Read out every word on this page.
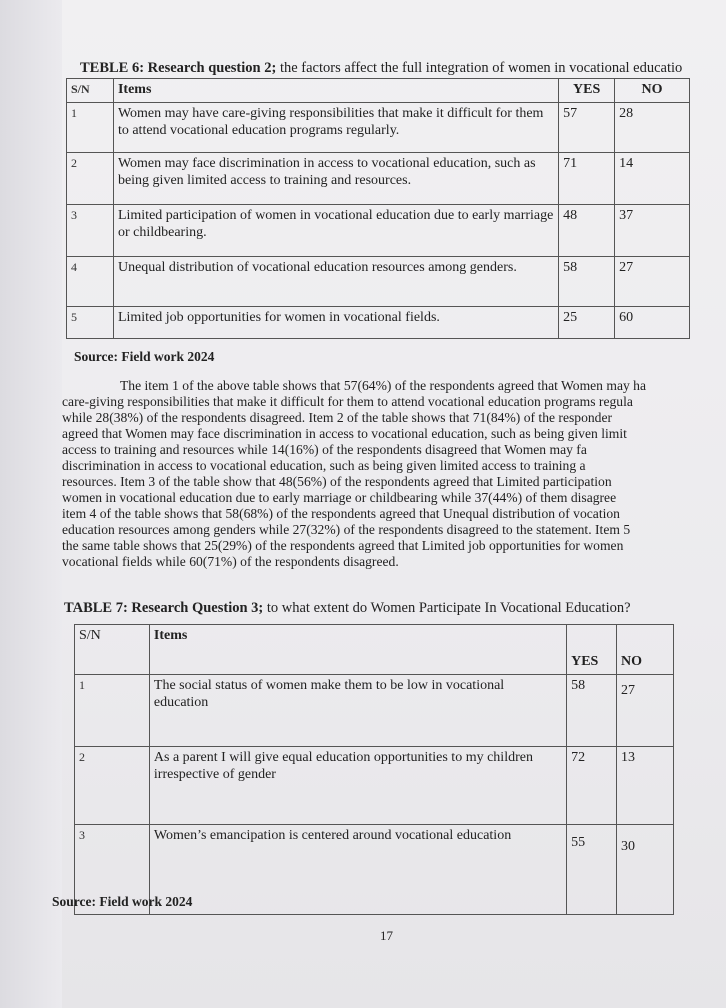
TEBLE 6: Research question 2; the factors affect the full integration of women in vocational educatio
S/N	Items	YES	NO
1	Women may have care-giving responsibilities that make it difficult for them to attend vocational education programs regularly.	57	28
2	Women may face discrimination in access to vocational education, such as being given limited access to training and resources.	71	14
3	Limited participation of women in vocational education due to early marriage or childbearing.	48	37
4	Unequal distribution of vocational education resources among genders.	58	27
5	Limited job opportunities for women in vocational fields.	25	60
Source: Field work 2024
The item 1 of the above table shows that 57(64%) of the respondents agreed that Women may ha
care-giving responsibilities that make it difficult for them to attend vocational education programs regula
while 28(38%) of the respondents disagreed. Item 2 of the table shows that 71(84%) of the responder
agreed that Women may face discrimination in access to vocational education, such as being given limit
access to training and resources while 14(16%) of the respondents disagreed that Women may fa
discrimination in access to vocational education, such as being given limited access to training a
resources. Item 3 of the table show that 48(56%) of the respondents agreed that Limited participation
women in vocational education due to early marriage or childbearing while 37(44%) of them disagree
item 4 of the table shows that 58(68%) of the respondents agreed that Unequal distribution of vocation
education resources among genders while 27(32%) of the respondents disagreed to the statement. Item 5
the same table shows that 25(29%) of the respondents agreed that Limited job opportunities for women
vocational fields while 60(71%) of the respondents disagreed.
TABLE 7: Research Question 3; to what extent do Women Participate In Vocational Education?
S/N	Items	YES	NO
1	The social status of women make them to be low in vocational education	58	27
2	As a parent I will give equal education opportunities to my children irrespective of gender	72	13
3	Women’s emancipation is centered around vocational education	55	30
Source: Field work 2024
17
